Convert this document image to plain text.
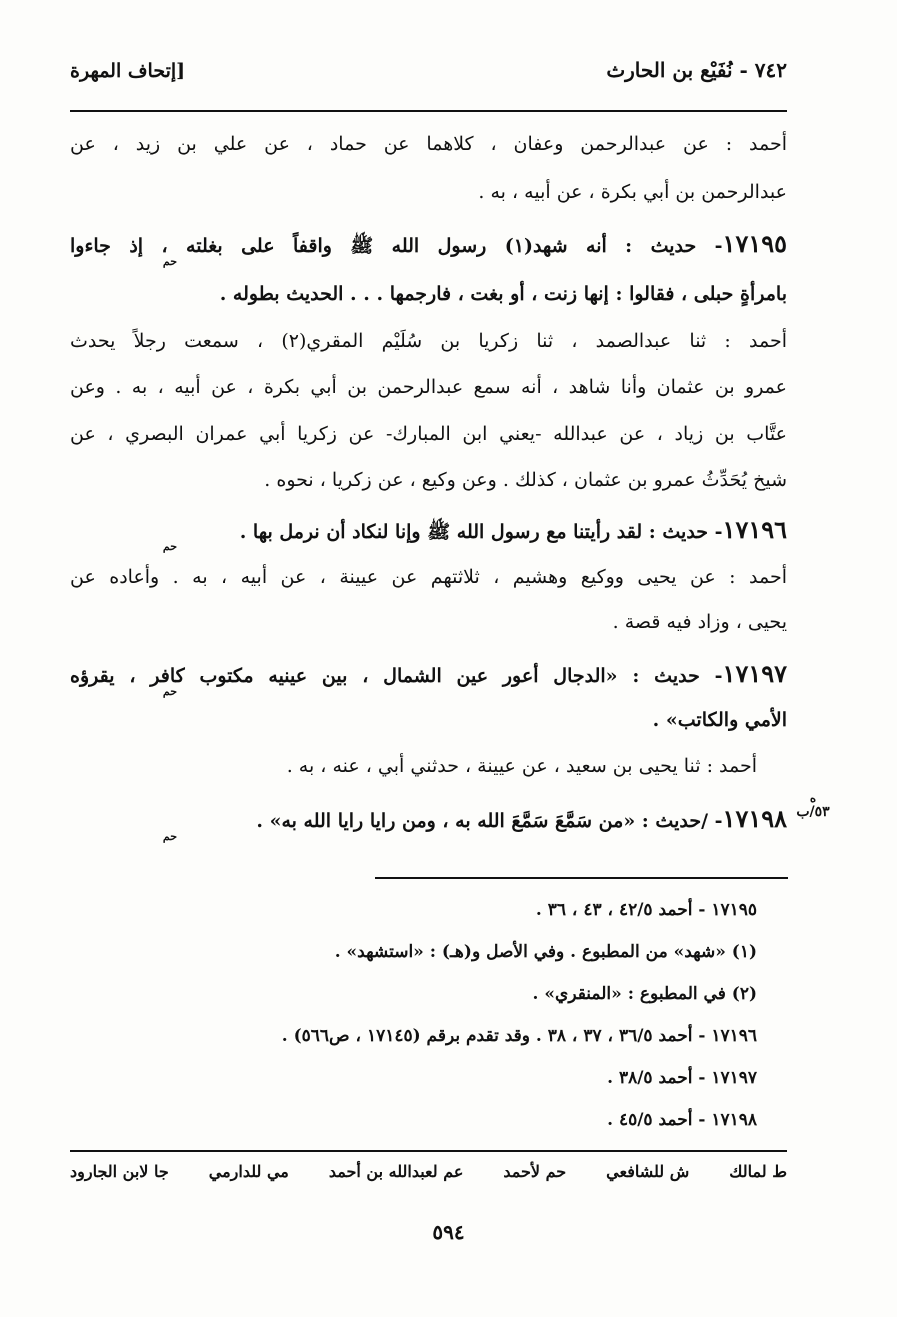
٧٤٢ - نُفَيْع بن الحارث
[إتحاف المهرة
أحمد : عن عبدالرحمن وعفان ، كلاهما عن حماد ، عن علي بن زيد ، عن
عبدالرحمن بن أبي بكرة ، عن أبيه ، به .
١٧١٩٥- حديث : أنه شهد(١) رسول الله ﷺ واقفاً على بغلته ، إذ جاءوا
حم
بامرأةٍ حبلى ، فقالوا : إنها زنت ، أو بغت ، فارجمها . . . الحديث بطوله .
أحمد : ثنا عبدالصمد ، ثنا زكريا بن سُلَيْم المقري(٢) ، سمعت رجلاً يحدث
عمرو بن عثمان وأنا شاهد ، أنه سمع عبدالرحمن بن أبي بكرة ، عن أبيه ، به . وعن
عتَّاب بن زياد ، عن عبدالله -يعني ابن المبارك- عن زكريا أبي عمران البصري ، عن
شيخ يُحَدِّثُ عمرو بن عثمان ، كذلك . وعن وكيع ، عن زكريا ، نحوه .
١٧١٩٦- حديث : لقد رأيتنا مع رسول الله ﷺ وإنا لنكاد أن نرمل بها .
حم
أحمد : عن يحيى ووكيع وهشيم ، ثلاثتهم عن عيينة ، عن أبيه ، به . وأعاده عن
يحيى ، وزاد فيه قصة .
١٧١٩٧- حديث : «الدجال أعور عين الشمال ، بين عينيه مكتوب كافر ، يقرؤه
حم
الأمي والكاتب» .
أحمد : ثنا يحيى بن سعيد ، عن عيينة ، حدثني أبي ، عنه ، به .
١٧١٩٨- /حديث : «من سَمَّعَ سَمَّعَ الله به ، ومن رايا رايا الله به» .
حم
ه
٥٣/ب
١٧١٩٥ - أحمد ٤٢/٥ ، ٤٣ ، ٣٦ .
(١) «شهد» من المطبوع . وفي الأصل و(هـ) : «استشهد» .
(٢) في المطبوع : «المنقري» .
١٧١٩٦ - أحمد ٣٦/٥ ، ٣٧ ، ٣٨ . وقد تقدم برقم (١٧١٤٥ ، ص٥٦٦) .
١٧١٩٧ - أحمد ٣٨/٥ .
١٧١٩٨ - أحمد ٤٥/٥ .
ط لمالك
ش للشافعي
حم لأحمد
عم لعبدالله بن أحمد
مي للدارمي
جا لابن الجارود
٥٩٤
